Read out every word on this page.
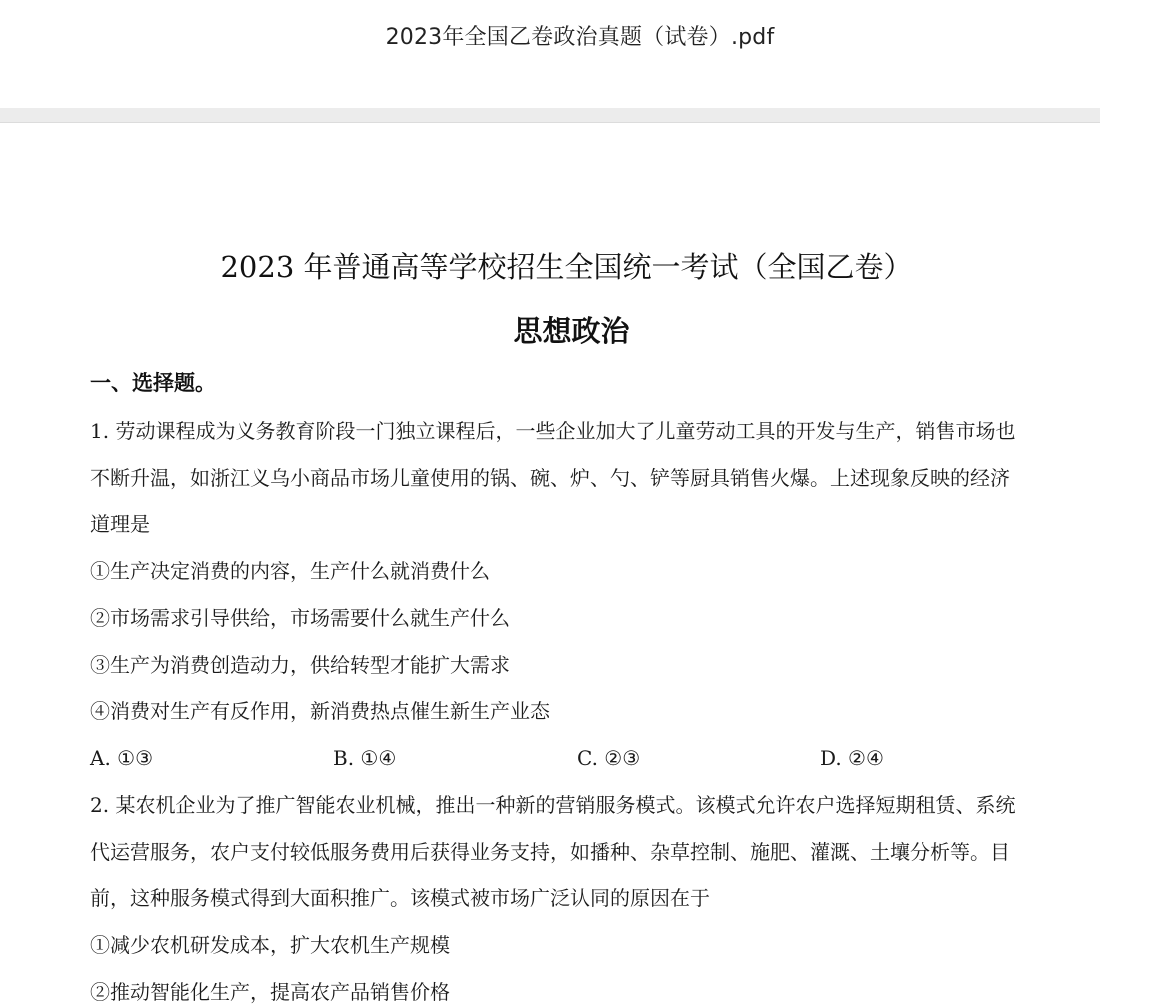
2023年全国乙卷政治真题（试卷）.pdf
2023 年普通高等学校招生全国统一考试（全国乙卷）
思想政治
一、选择题。
1. 劳动课程成为义务教育阶段一门独立课程后，一些企业加大了儿童劳动工具的开发与生产，销售市场也
不断升温，如浙江义乌小商品市场儿童使用的锅、碗、炉、勺、铲等厨具销售火爆。上述现象反映的经济
道理是
①生产决定消费的内容，生产什么就消费什么
②市场需求引导供给，市场需要什么就生产什么
③生产为消费创造动力，供给转型才能扩大需求
④消费对生产有反作用，新消费热点催生新生产业态
A. ①③	B. ①④	C. ②③	D. ②④
2. 某农机企业为了推广智能农业机械，推出一种新的营销服务模式。该模式允许农户选择短期租赁、系统
代运营服务，农户支付较低服务费用后获得业务支持，如播种、杂草控制、施肥、灌溉、土壤分析等。目
前，这种服务模式得到大面积推广。该模式被市场广泛认同的原因在于
①减少农机研发成本，扩大农机生产规模
②推动智能化生产，提高农产品销售价格
